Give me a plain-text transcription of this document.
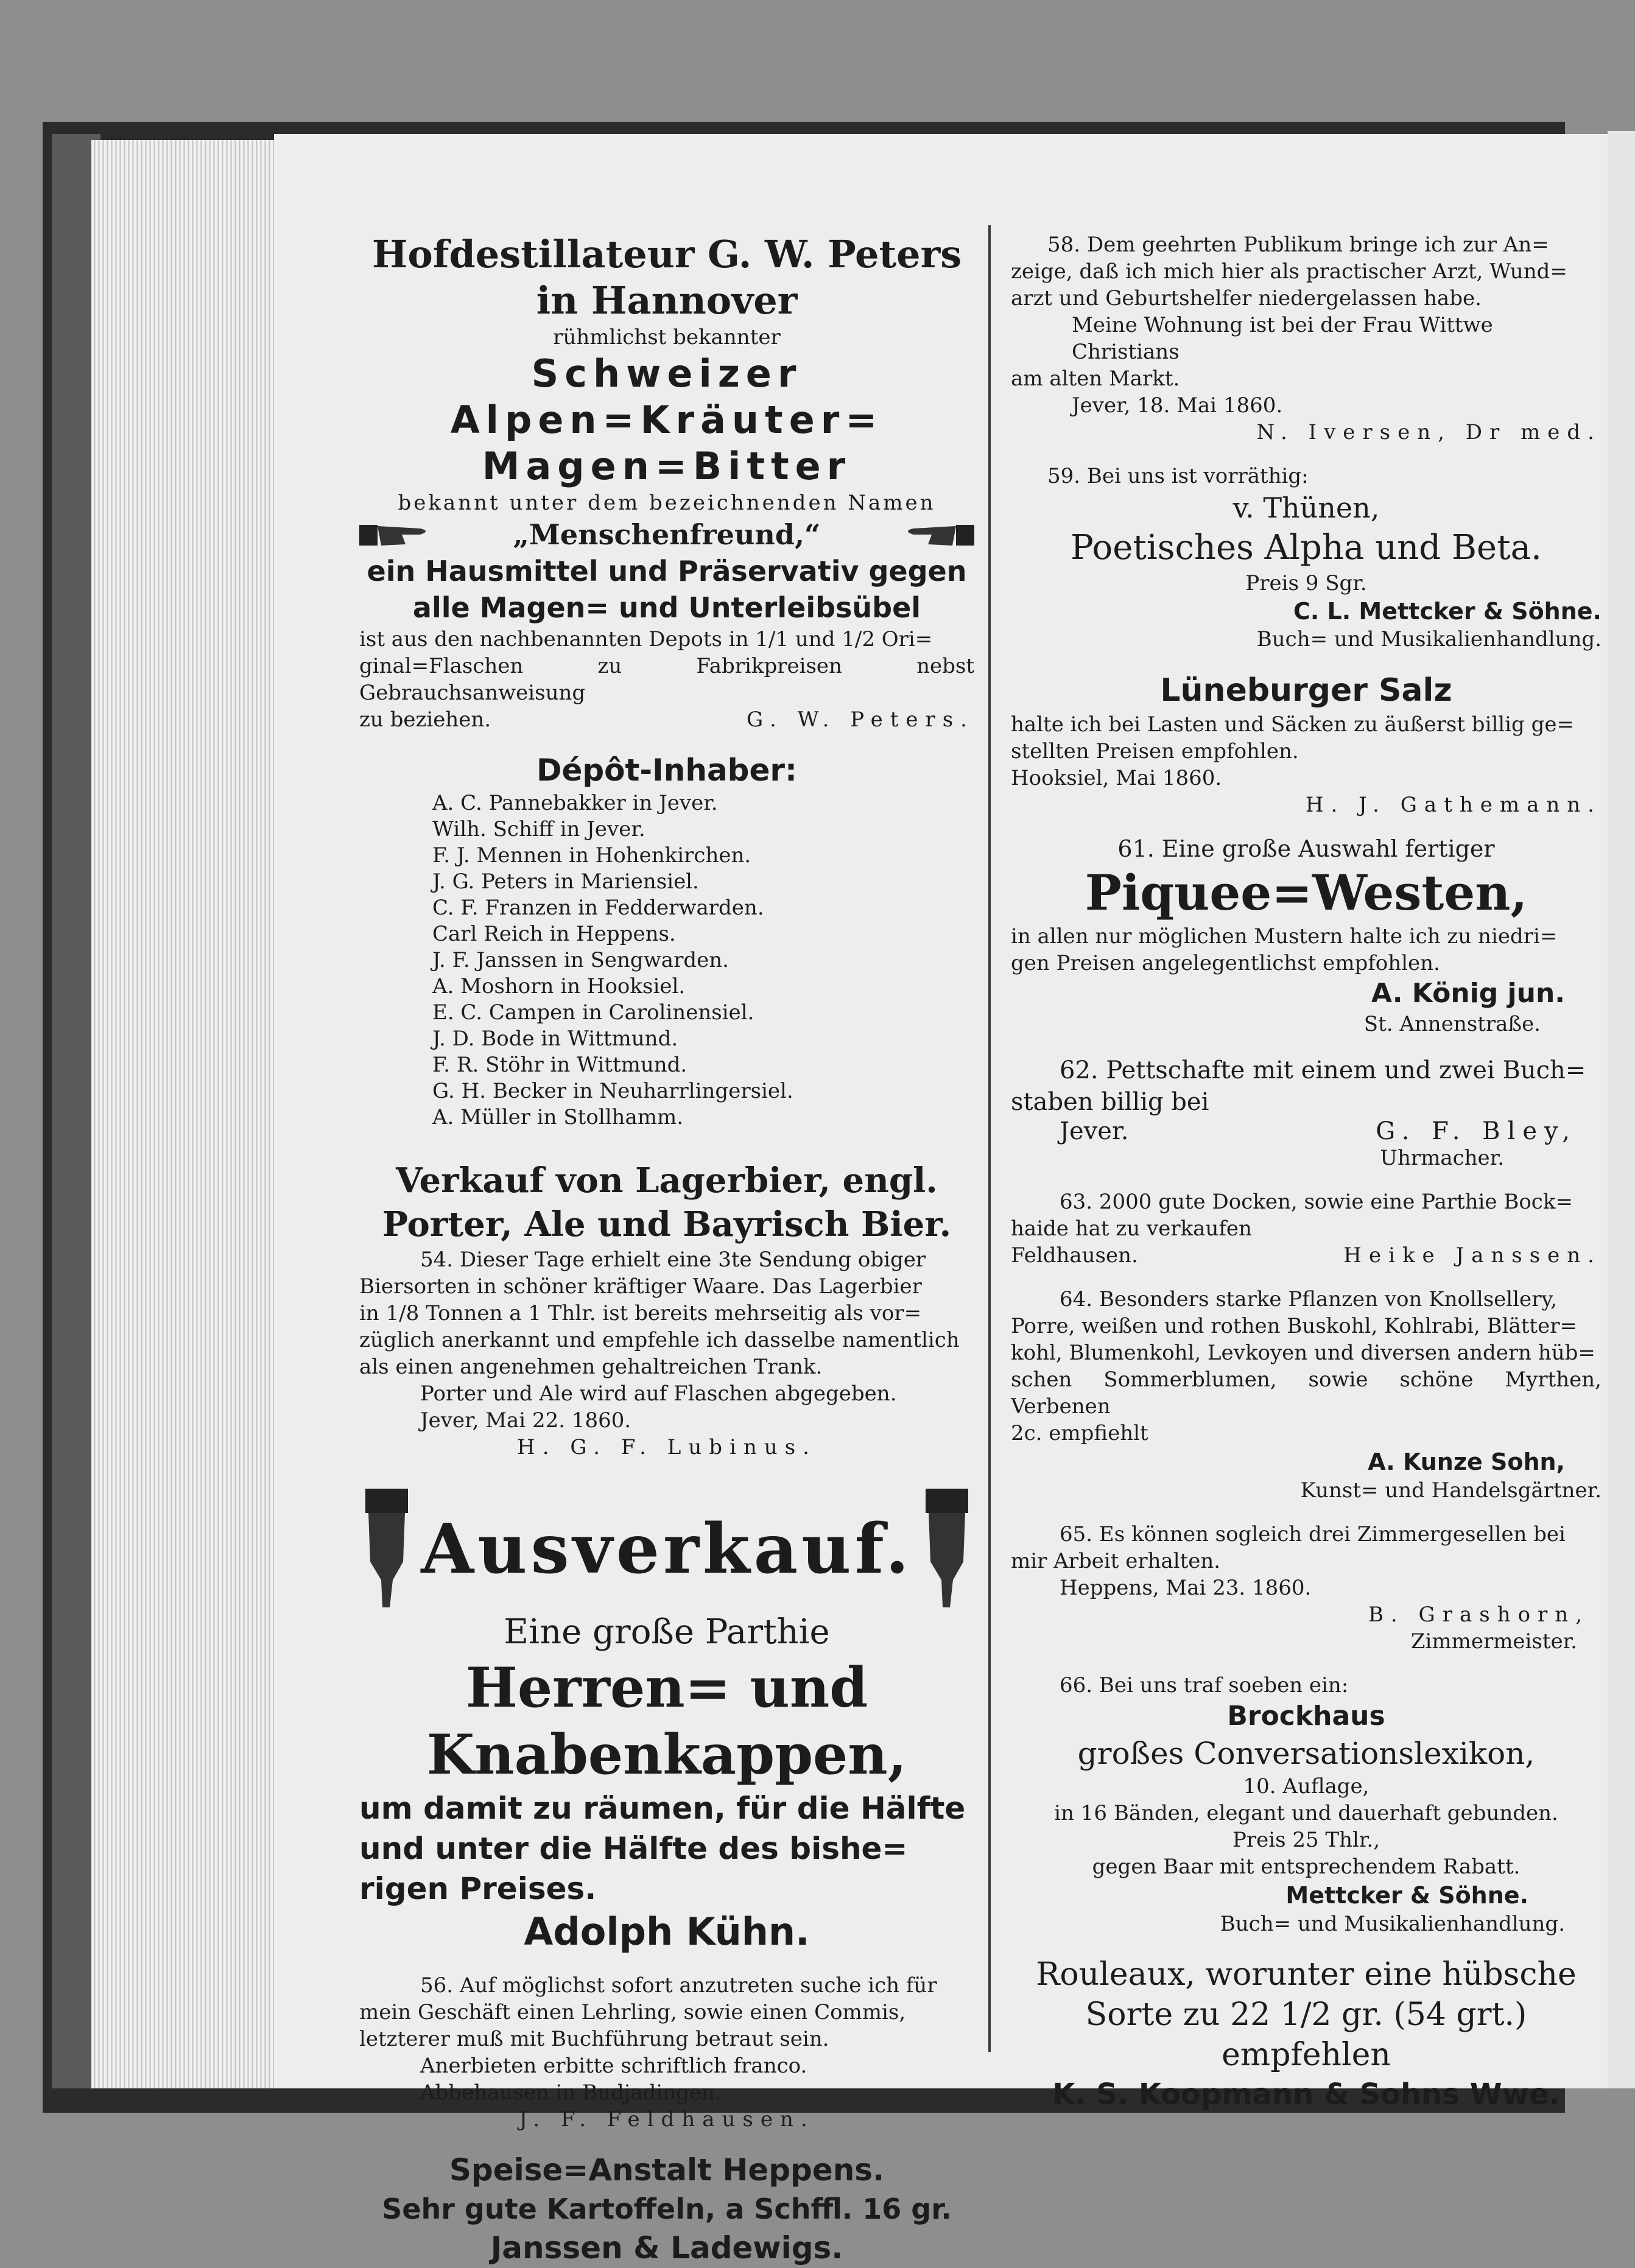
Hofdestillateur G. W. Peters

in Hannover

rühmlichst bekannter

Schweizer Alpen=Kräuter=

Magen=Bitter

bekannt unter dem bezeichnenden Namen

„Menschenfreund,“

ein Hausmittel und Präservativ gegen

alle Magen= und Unterleibsübel

ist aus den nachbenannten Depots in 1/1 und 1/2 Ori=

ginal=Flaschen zu Fabrikpreisen nebst Gebrauchsanweisung

zu beziehen.	G. W. Peters.

Dépôt-Inhaber:

A. C. Pannebakker in Jever.

Wilh. Schiff in Jever.

F. J. Mennen in Hohenkirchen.

J. G. Peters in Mariensiel.

C. F. Franzen in Fedderwarden.

Carl Reich in Heppens.

J. F. Janssen in Sengwarden.

A. Moshorn in Hooksiel.

E. C. Campen in Carolinensiel.

J. D. Bode in Wittmund.

F. R. Stöhr in Wittmund.

G. H. Becker in Neuharrlingersiel.

A. Müller in Stollhamm.

Verkauf von Lagerbier, engl.

Porter, Ale und Bayrisch Bier.

54. Dieser Tage erhielt eine 3te Sendung obiger

Biersorten in schöner kräftiger Waare. Das Lagerbier

in 1/8 Tonnen a 1 Thlr. ist bereits mehrseitig als vor=

züglich anerkannt und empfehle ich dasselbe namentlich

als einen angenehmen gehaltreichen Trank.

Porter und Ale wird auf Flaschen abgegeben.

Jever, Mai 22. 1860.

H. G. F. Lubinus.

Ausverkauf.

Eine große Parthie

Herren= und Knabenkappen,

um damit zu räumen, für die Hälfte

und unter die Hälfte des bishe=

rigen Preises.

Adolph Kühn.

56. Auf möglichst sofort anzutreten suche ich für

mein Geschäft einen Lehrling, sowie einen Commis,

letzterer muß mit Buchführung betraut sein.

Anerbieten erbitte schriftlich franco.

Abbehausen in Budjadingen.

J. F. Feldhausen.

Speise=Anstalt Heppens.

Sehr gute Kartoffeln, a Schffl. 16 gr.

Janssen & Ladewigs.

58. Dem geehrten Publikum bringe ich zur An=

zeige, daß ich mich hier als practischer Arzt, Wund=

arzt und Geburtshelfer niedergelassen habe.

Meine Wohnung ist bei der Frau Wittwe Christians

am alten Markt.

Jever, 18. Mai 1860.

N. Iversen, Dr med.

59. Bei uns ist vorräthig:

v. Thünen,

Poetisches Alpha und Beta.

Preis 9 Sgr.

C. L. Mettcker & Söhne.

Buch= und Musikalienhandlung.

Lüneburger Salz

halte ich bei Lasten und Säcken zu äußerst billig ge=

stellten Preisen empfohlen.

Hooksiel, Mai 1860.

H. J. Gathemann.

61. Eine große Auswahl fertiger

Piquee=Westen,

in allen nur möglichen Mustern halte ich zu niedri=

gen Preisen angelegentlichst empfohlen.

A. König jun.

St. Annenstraße.

62. Pettschafte mit einem und zwei Buch=

staben billig bei

Jever.	G. F. Bley,

Uhrmacher.

63. 2000 gute Docken, sowie eine Parthie Bock=

haide hat zu verkaufen

Feldhausen.	Heike Janssen.

64. Besonders starke Pflanzen von Knollsellery,

Porre, weißen und rothen Buskohl, Kohlrabi, Blätter=

kohl, Blumenkohl, Levkoyen und diversen andern hüb=

schen Sommerblumen, sowie schöne Myrthen, Verbenen

2c. empfiehlt

A. Kunze Sohn,

Kunst= und Handelsgärtner.

65. Es können sogleich drei Zimmergesellen bei

mir Arbeit erhalten.

Heppens, Mai 23. 1860.

B. Grashorn,

Zimmermeister.

66. Bei uns traf soeben ein:

Brockhaus

großes Conversationslexikon,

10. Auflage,

in 16 Bänden, elegant und dauerhaft gebunden.

Preis 25 Thlr.,

gegen Baar mit entsprechendem Rabatt.

Mettcker & Söhne.

Buch= und Musikalienhandlung.

Rouleaux, worunter eine hübsche

Sorte zu 22 1/2 gr. (54 grt.) empfehlen

K. S. Koopmann & Sohns Wwe.
